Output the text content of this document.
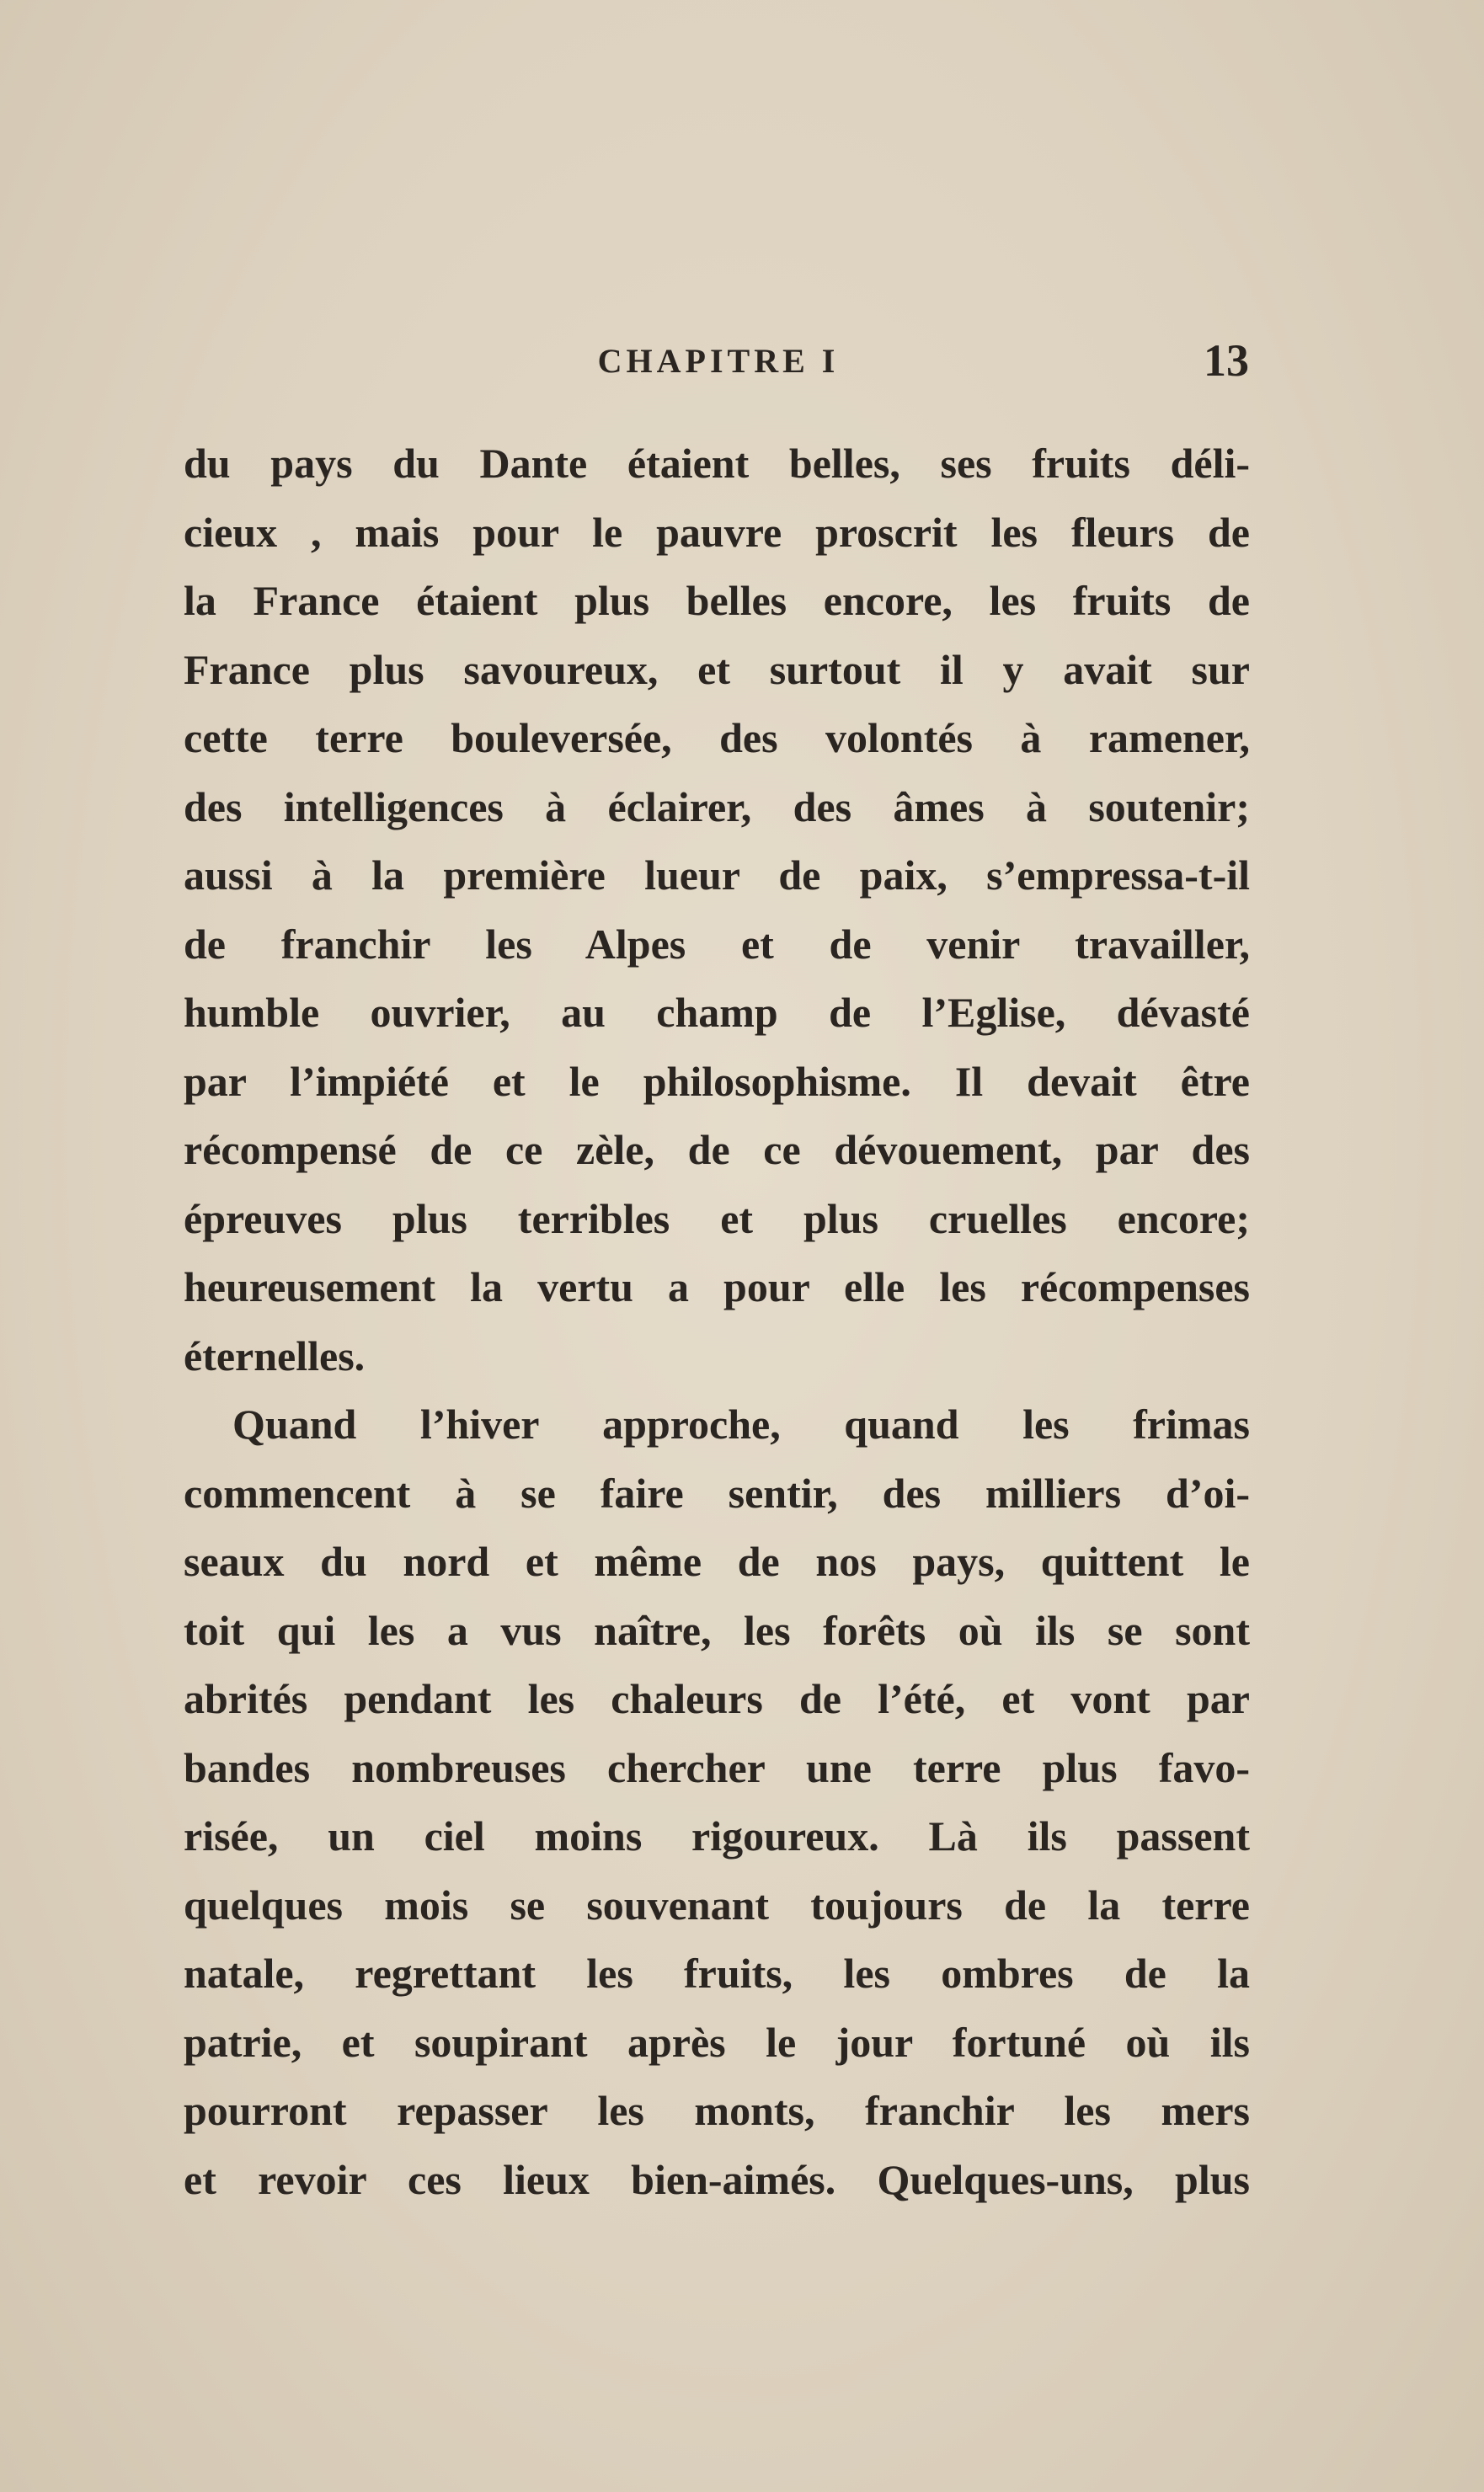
CHAPITRE I	13
du pays du Dante étaient belles, ses fruits déli-
cieux , mais pour le pauvre proscrit les fleurs de
la France étaient plus belles encore, les fruits de
France plus savoureux, et surtout il y avait sur
cette terre bouleversée, des volontés à ramener,
des intelligences à éclairer, des âmes à soutenir;
aussi à la première lueur de paix, s’empressa-t-il
de franchir les Alpes et de venir travailler,
humble ouvrier, au champ de l’Eglise, dévasté
par l’impiété et le philosophisme. Il devait être
récompensé de ce zèle, de ce dévouement, par des
épreuves plus terribles et plus cruelles encore;
heureusement la vertu a pour elle les récompenses
éternelles.
Quand l’hiver approche, quand les frimas
commencent à se faire sentir, des milliers d’oi-
seaux du nord et même de nos pays, quittent le
toit qui les a vus naître, les forêts où ils se sont
abrités pendant les chaleurs de l’été, et vont par
bandes nombreuses chercher une terre plus favo-
risée, un ciel moins rigoureux. Là ils passent
quelques mois se souvenant toujours de la terre
natale, regrettant les fruits, les ombres de la
patrie, et soupirant après le jour fortuné où ils
pourront repasser les monts, franchir les mers
et revoir ces lieux bien-aimés. Quelques-uns, plus
